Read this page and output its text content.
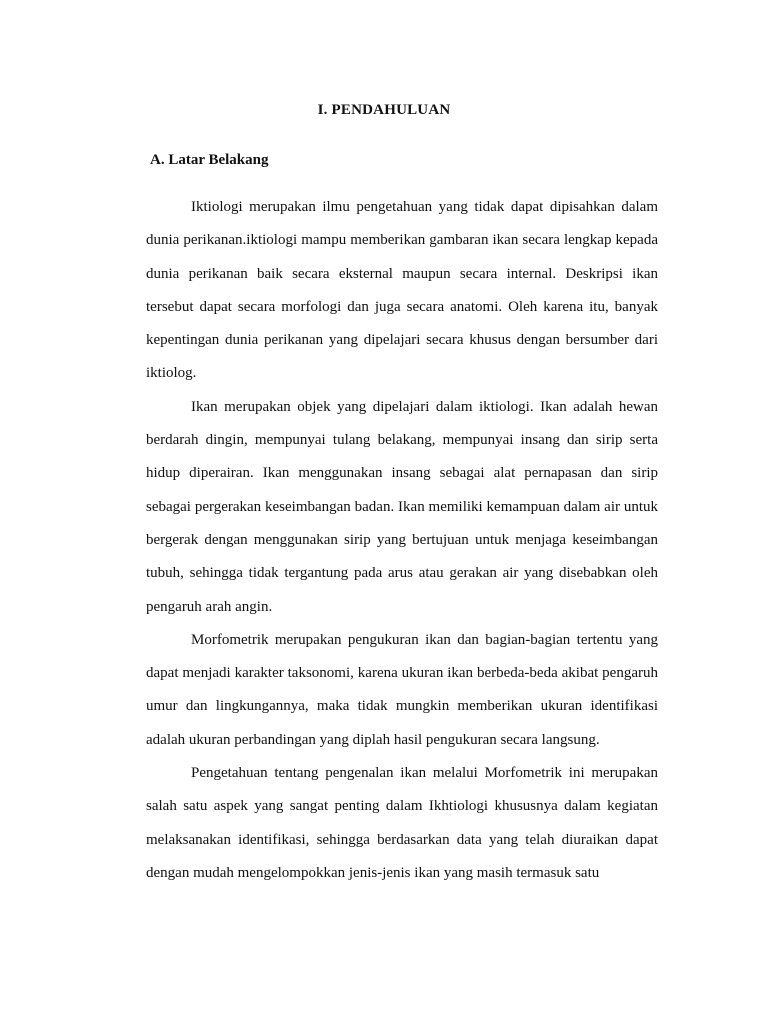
I. PENDAHULUAN
A. Latar Belakang

Iktiologi merupakan ilmu pengetahuan yang tidak dapat dipisahkan dalam dunia perikanan.iktiologi mampu memberikan gambaran ikan secara lengkap kepada dunia perikanan baik secara eksternal maupun secara internal. Deskripsi ikan tersebut dapat secara morfologi dan juga secara anatomi. Oleh karena itu, banyak kepentingan dunia perikanan yang dipelajari secara khusus dengan bersumber dari iktiolog.

Ikan merupakan objek yang dipelajari dalam iktiologi. Ikan adalah hewan berdarah dingin, mempunyai tulang belakang, mempunyai insang dan sirip serta hidup diperairan. Ikan menggunakan insang sebagai alat pernapasan dan sirip sebagai pergerakan keseimbangan badan. Ikan memiliki kemampuan dalam air untuk bergerak dengan menggunakan sirip yang bertujuan untuk menjaga keseimbangan tubuh, sehingga tidak tergantung pada arus atau gerakan air yang disebabkan oleh pengaruh arah angin.

Morfometrik merupakan pengukuran ikan dan bagian-bagian tertentu yang dapat menjadi karakter taksonomi, karena ukuran ikan berbeda-beda akibat pengaruh umur dan lingkungannya, maka tidak mungkin memberikan ukuran identifikasi adalah ukuran perbandingan yang diplah hasil pengukuran secara langsung.

Pengetahuan tentang pengenalan ikan melalui Morfometrik ini merupakan salah satu aspek yang sangat penting dalam Ikhtiologi khususnya dalam kegiatan melaksanakan identifikasi, sehingga berdasarkan data yang telah diuraikan dapat dengan mudah mengelompokkan jenis-jenis ikan yang masih termasuk satu
